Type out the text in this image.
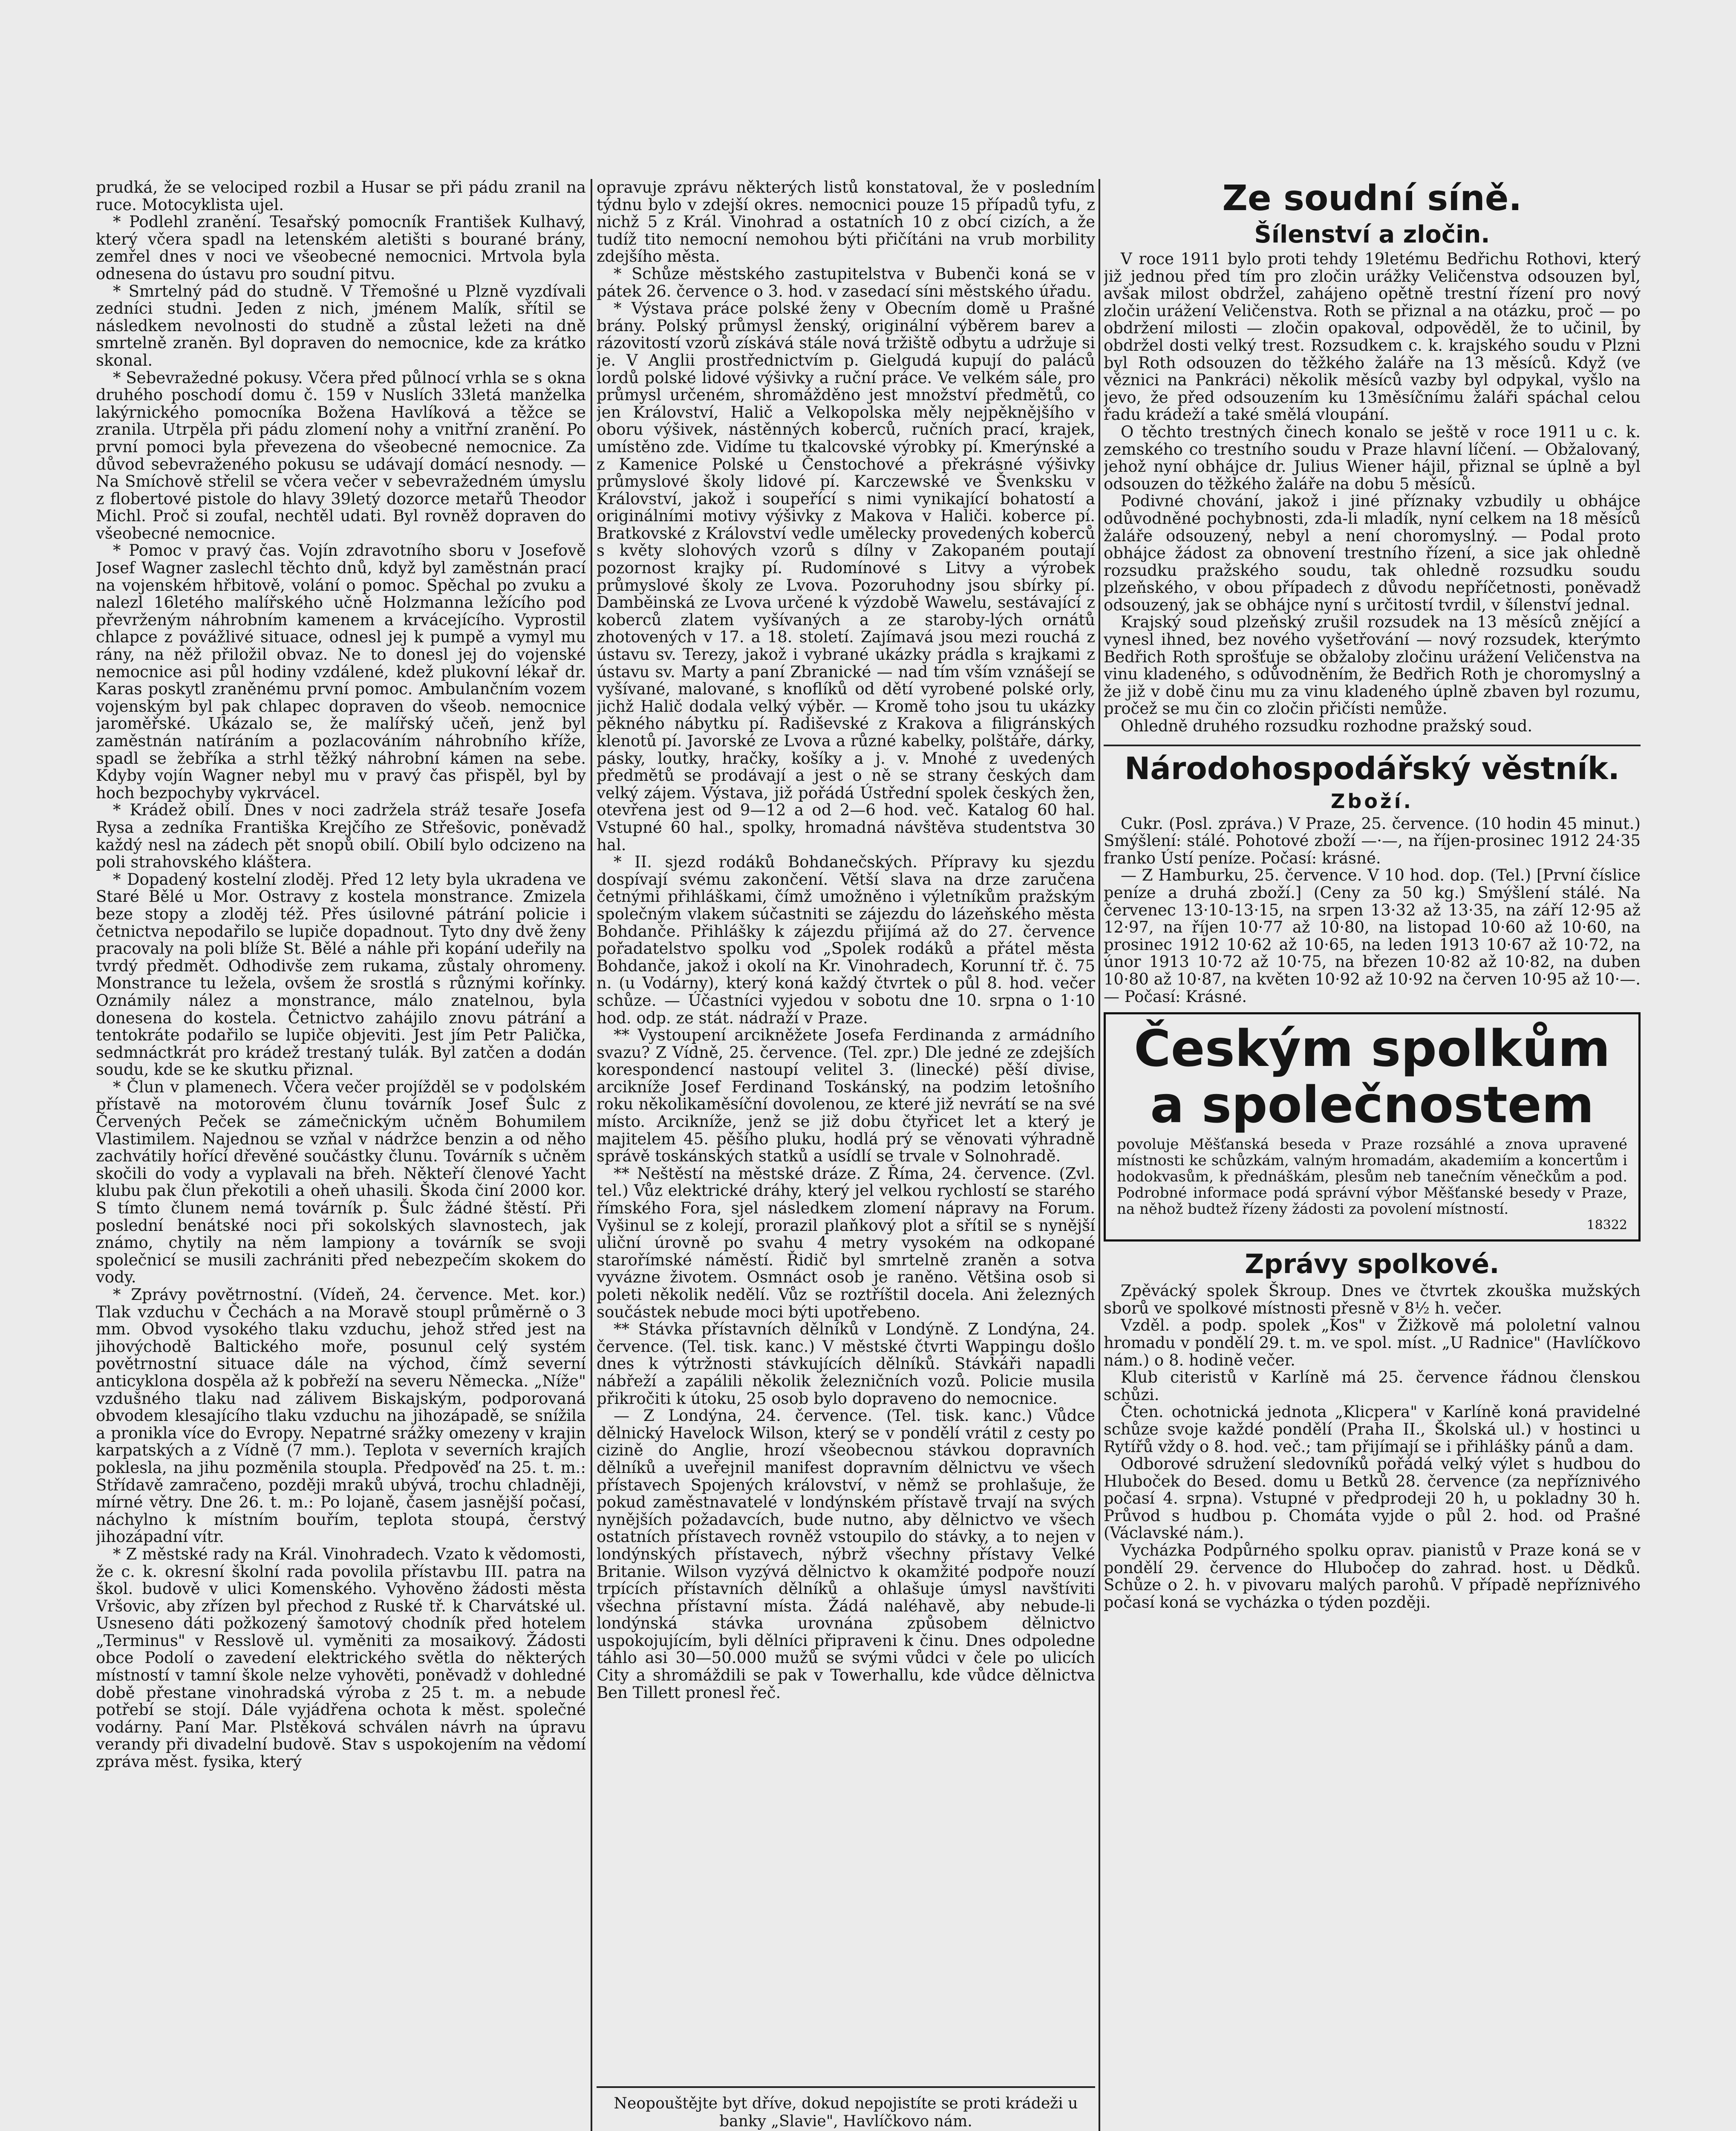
prudká, že se velociped rozbil a Husar se při pádu zranil na ruce. Motocyklista ujel.

* Podlehl zranění. Tesařský pomocník František Kulhavý, který včera spadl na letenském aletišti s bourané brány, zemřel dnes v noci ve všeobecné nemocnici. Mrtvola byla odnesena do ústavu pro soudní pitvu.

* Smrtelný pád do studně. V Třemošné u Plzně vyzdívali zedníci studni. Jeden z nich, jménem Malík, sřítil se následkem nevolnosti do studně a zůstal ležeti na dně smrtelně zraněn. Byl dopraven do nemocnice, kde za krátko skonal.

* Sebevražedné pokusy. Včera před půlnocí vrhla se s okna druhého poschodí domu č. 159 v Nuslích 33letá manželka lakýrnického pomocníka Božena Havlíková a těžce se zranila. Utrpěla při pádu zlomení nohy a vnitřní zranění. Po první pomoci byla převezena do všeobecné nemocnice. Za důvod sebevraženého pokusu se udávají domácí nesnody. — Na Smíchově střelil se včera večer v sebevražedném úmyslu z flobertové pistole do hlavy 39letý dozorce metařů Theodor Michl. Proč si zoufal, nechtěl udati. Byl rovněž dopraven do všeobecné nemocnice.

* Pomoc v pravý čas. Vojín zdravotního sboru v Josefově Josef Wagner zaslechl těchto dnů, když byl zaměstnán prací na vojenském hřbitově, volání o pomoc. Spěchal po zvuku a nalezl 16letého malířského učně Holzmanna ležícího pod převrženým náhrobním kamenem a krvácejícího. Vyprostil chlapce z povážlivé situace, odnesl jej k pumpě a vymyl mu rány, na něž přiložil obvaz. Ne to donesl jej do vojenské nemocnice asi půl hodiny vzdálené, kdež plukovní lékař dr. Karas poskytl zraněnému první pomoc. Ambulančním vozem vojenským byl pak chlapec dopraven do všeob. nemocnice jaroměřské. Ukázalo se, že malířský učeň, jenž byl zaměstnán natíráním a pozlacováním náhrobního kříže, spadl se žebříka a strhl těžký náhrobní kámen na sebe. Kdyby vojín Wagner nebyl mu v pravý čas přispěl, byl by hoch bezpochyby vykrvácel.

* Krádež obilí. Dnes v noci zadržela stráž tesaře Josefa Rysa a zedníka Františka Krejčího ze Střešovic, poněvadž každý nesl na zádech pět snopů obilí. Obilí bylo odcizeno na poli strahovského kláštera.

* Dopadený kostelní zloděj. Před 12 lety byla ukradena ve Staré Bělé u Mor. Ostravy z kostela monstrance. Zmizela beze stopy a zloděj též. Přes úsilovné pátrání policie i četnictva nepodařilo se lupiče dopadnout. Tyto dny dvě ženy pracovaly na poli blíže St. Bělé a náhle při kopání udeřily na tvrdý předmět. Odhodivše zem rukama, zůstaly ohromeny. Monstrance tu ležela, ovšem že srostlá s různými kořínky. Oznámily nález a monstrance, málo znatelnou, byla donesena do kostela. Četnictvo zahájilo znovu pátrání a tentokráte podařilo se lupiče objeviti. Jest jím Petr Palička, sedmnáctkrát pro krádež trestaný tulák. Byl zatčen a dodán soudu, kde se ke skutku přiznal.

* Člun v plamenech. Včera večer projížděl se v podolském přístavě na motorovém člunu továrník Josef Šulc z Červených Peček se zámečnickým učněm Bohumilem Vlastimilem. Najednou se vzňal v nádržce benzin a od něho zachvátily hořící dřevěné součástky člunu. Továrník s učněm skočili do vody a vyplavali na břeh. Někteří členové Yacht klubu pak člun překotili a oheň uhasili. Škoda činí 2000 kor. S tímto člunem nemá továrník p. Šulc žádné štěstí. Při poslední benátské noci při sokolských slavnostech, jak známo, chytily na něm lampiony a továrník se svoji společnicí se musili zachrániti před nebezpečím skokem do vody.

* Zprávy povětrnostní. (Vídeň, 24. července. Met. kor.) Tlak vzduchu v Čechách a na Moravě stoupl průměrně o 3 mm. Obvod vysokého tlaku vzduchu, jehož střed jest na jihovýchodě Baltického moře, posunul celý systém povětrnostní situace dále na východ, čímž severní anticyklona dospěla až k pobřeží na severu Německa. „Níže" vzdušného tlaku nad zálivem Biskajským, podporovaná obvodem klesajícího tlaku vzduchu na jihozápadě, se snížila a pronikla více do Evropy. Nepatrné srážky omezeny v krajin karpatských a z Vídně (7 mm.). Teplota v severních krajích poklesla, na jihu pozměnila stoupla. Předpověď na 25. t. m.: Střídavě zamračeno, později mraků ubývá, trochu chladněji, mírné větry. Dne 26. t. m.: Po lojaně, časem jasnější počasí, náchylno k místním bouřím, teplota stoupá, čerstvý jihozápadní vítr.

* Z městské rady na Král. Vinohradech. Vzato k vědomosti, že c. k. okresní školní rada povolila přístavbu III. patra na škol. budově v ulici Komenského. Vyhověno žádosti města Vršovic, aby zřízen byl přechod z Ruské tř. k Charvátské ul. Usneseno dáti požkozený šamotový chodník před hotelem „Terminus" v Resslově ul. vyměniti za mosaikový. Žádosti obce Podolí o zavedení elektrického světla do některých místností v tamní škole nelze vyhověti, poněvadž v dohledné době přestane vinohradská výroba z 25 t. m. a nebude potřebí se stojí. Dále vyjádřena ochota k měst. společné vodárny. Paní Mar. Plstěková schválen návrh na úpravu verandy při divadelní budově. Stav s uspokojením na vědomí zpráva měst. fysika, který

opravuje zprávu některých listů konstatoval, že v posledním týdnu bylo v zdejší okres. nemocnici pouze 15 případů tyfu, z nichž 5 z Král. Vinohrad a ostatních 10 z obcí cizích, a že tudíž tito nemocní nemohou býti přičítáni na vrub morbility zdejšího města.

* Schůze městského zastupitelstva v Bubenči koná se v pátek 26. července o 3. hod. v zasedací síni městského úřadu.

* Výstava práce polské ženy v Obecním domě u Prašné brány. Polský průmysl ženský, originální výběrem barev a rázovitostí vzorů získává stále nová tržiště odbytu a udržuje si je. V Anglii prostřednictvím p. Gielgudá kupují do paláců lordů polské lidové výšivky a ruční práce. Ve velkém sále, pro průmysl určeném, shromážděno jest množství předmětů, co jen Království, Halič a Velkopolska měly nejpěknějšího v oboru výšivek, nástěnných koberců, ručních prací, krajek, umístěno zde. Vidíme tu tkalcovské výrobky pí. Kmerýnské a z Kamenice Polské u Čenstochové a překrásné výšivky průmyslové školy lidové pí. Karczewské ve Švenksku v Království, jakož i soupeřící s nimi vynikající bohatostí a originálními motivy výšivky z Makova v Haliči. koberce pí. Bratkovské z Království vedle umělecky provedených koberců s květy slohových vzorů s dílny v Zakopaném poutají pozornost krajky pí. Rudomínové s Litvy a výrobek průmyslové školy ze Lvova. Pozoruhodny jsou sbírky pí. Damběinská ze Lvova určené k výzdobě Wawelu, sestávající z koberců zlatem vyšívaných a ze staroby-lých ornátů zhotovených v 17. a 18. století. Zajímavá jsou mezi rouchá z ústavu sv. Terezy, jakož i vybrané ukázky prádla s krajkami z ústavu sv. Marty a paní Zbranické — nad tím vším vznášejí se vyšívané, malované, s knoflíků od dětí vyrobené polské orly, jichž Halič dodala velký výběr. — Kromě toho jsou tu ukázky pěkného nábytku pí. Radiševské z Krakova a filigránských klenotů pí. Javorské ze Lvova a různé kabelky, polštáře, dárky, pásky, loutky, hračky, košíky a j. v. Mnohé z uvedených předmětů se prodávají a jest o ně se strany českých dam velký zájem. Výstava, již pořádá Ústřední spolek českých žen, otevřena jest od 9—12 a od 2—6 hod. več. Katalog 60 hal. Vstupné 60 hal., spolky, hromadná návštěva studentstva 30 hal.

* II. sjezd rodáků Bohdanečských. Přípravy ku sjezdu dospívají svému zakončení. Větší slava na drze zaručena četnými přihláškami, čímž umožněno i výletníkům pražským společným vlakem súčastniti se zájezdu do lázeňského města Bohdanče. Přihlášky k zájezdu přijímá až do 27. července pořadatelstvo spolku vod „Spolek rodáků a přátel města Bohdanče, jakož i okolí na Kr. Vinohradech, Korunní tř. č. 75 n. (u Vodárny), který koná každý čtvrtek o půl 8. hod. večer schůze. — Účastníci vyjedou v sobotu dne 10. srpna o 1·10 hod. odp. ze stát. nádraží v Praze.

** Vystoupení arcikněžete Josefa Ferdinanda z armádního svazu? Z Vídně, 25. července. (Tel. zpr.) Dle jedné ze zdejších korespondencí nastoupí velitel 3. (linecké) pěší divise, arcikníže Josef Ferdinand Toskánský, na podzim letošního roku několikaměsíční dovolenou, ze které již nevrátí se na své místo. Arcikníže, jenž se již dobu čtyřicet let a který je majitelem 45. pěšího pluku, hodlá prý se věnovati výhradně správě toskánských statků a usídlí se trvale v Solnohradě.

** Neštěstí na městské dráze. Z Říma, 24. července. (Zvl. tel.) Vůz elektrické dráhy, který jel velkou rychlostí se starého římského Fora, sjel následkem zlomení nápravy na Forum. Vyšinul se z kolejí, prorazil plaňkový plot a sřítil se s nynější uliční úrovně po svahu 4 metry vysokém na odkopané starořímské náměstí. Řidič byl smrtelně zraněn a sotva vyvázne životem. Osmnáct osob je raněno. Většina osob si poleti několik nedělí. Vůz se roztříštil docela. Ani železných součástek nebude moci býti upotřebeno.

** Stávka přístavních dělníků v Londýně. Z Londýna, 24. července. (Tel. tisk. kanc.) V městské čtvrti Wappingu došlo dnes k výtržnosti stávkujících dělníků. Stávkáři napadli nábřeží a zapálili několik železničních vozů. Policie musila přikročiti k útoku, 25 osob bylo dopraveno do nemocnice.

— Z Londýna, 24. července. (Tel. tisk. kanc.) Vůdce dělnický Havelock Wilson, který se v pondělí vrátil z cesty po cizině do Anglie, hrozí všeobecnou stávkou dopravních dělníků a uveřejnil manifest dopravním dělnictvu ve všech přístavech Spojených království, v němž se prohlašuje, že pokud zaměstnavatelé v londýnském přístavě trvají na svých nynějších požadavcích, bude nutno, aby dělnictvo ve všech ostatních přístavech rovněž vstoupilo do stávky, a to nejen v londýnských přístavech, nýbrž všechny přístavy Velké Britanie. Wilson vyzývá dělnictvo k okamžité podpoře nouzí trpících přístavních dělníků a ohlašuje úmysl navštíviti všechna přístavní místa. Žádá naléhavě, aby nebude-li londýnská stávka urovnána způsobem dělnictvo uspokojujícím, byli dělníci připraveni k činu. Dnes odpoledne táhlo asi 30—50.000 mužů se svými vůdci v čele po ulicích City a shromáždili se pak v Towerhallu, kde vůdce dělnictva Ben Tillett pronesl řeč.

Neopouštějte byt dříve, dokud nepojistíte se proti krádeži u banky „Slavie", Havlíčkovo nám.
Ze soudní síně.
Šílenství a zločin.

V roce 1911 bylo proti tehdy 19letému Bedřichu Rothovi, který již jednou před tím pro zločin urážky Veličenstva odsouzen byl, avšak milost obdržel, zahájeno opětně trestní řízení pro nový zločin urážení Veličenstva. Roth se přiznal a na otázku, proč — po obdržení milosti — zločin opakoval, odpověděl, že to učinil, by obdržel dosti velký trest. Rozsudkem c. k. krajského soudu v Plzni byl Roth odsouzen do těžkého žaláře na 13 měsíců. Když (ve věznici na Pankráci) několik měsíců vazby byl odpykal, vyšlo na jevo, že před odsouzením ku 13měsíčnímu žaláři spáchal celou řadu krádeží a také smělá vloupání.

O těchto trestných činech konalo se ještě v roce 1911 u c. k. zemského co trestního soudu v Praze hlavní líčení. — Obžalovaný, jehož nyní obhájce dr. Julius Wiener hájil, přiznal se úplně a byl odsouzen do těžkého žaláře na dobu 5 měsíců.

Podivné chování, jakož i jiné příznaky vzbudily u obhájce odůvodněné pochybnosti, zda-li mladík, nyní celkem na 18 měsíců žaláře odsouzený, nebyl a není choromyslný. — Podal proto obhájce žádost za obnovení trestního řízení, a sice jak ohledně rozsudku pražského soudu, tak ohledně rozsudku soudu plzeňského, v obou případech z důvodu nepříčetnosti, poněvadž odsouzený, jak se obhájce nyní s určitostí tvrdil, v šílenství jednal.

Krajský soud plzeňský zrušil rozsudek na 13 měsíců znějící a vynesl ihned, bez nového vyšetřování — nový rozsudek, kterýmto Bedřich Roth sprošťuje se obžaloby zločinu urážení Veličenstva na vinu kladeného, s odůvodněním, že Bedřich Roth je choromyslný a že již v době činu mu za vinu kladeného úplně zbaven byl rozumu, pročež se mu čin co zločin přičísti nemůže.

Ohledně druhého rozsudku rozhodne pražský soud.

Národohospodářský věstník.
Zboží.

Cukr. (Posl. zpráva.) V Praze, 25. července. (10 hodin 45 minut.) Smýšlení: stálé. Pohotové zboží —·—, na říjen-prosinec 1912 24·35 franko Ústí peníze. Počasí: krásné.

— Z Hamburku, 25. července. V 10 hod. dop. (Tel.) [První číslice peníze a druhá zboží.] (Ceny za 50 kg.) Smýšlení stálé. Na červenec 13·10-13·15, na srpen 13·32 až 13·35, na září 12·95 až 12·97, na říjen 10·77 až 10·80, na listopad 10·60 až 10·60, na prosinec 1912 10·62 až 10·65, na leden 1913 10·67 až 10·72, na únor 1913 10·72 až 10·75, na březen 10·82 až 10·82, na duben 10·80 až 10·87, na květen 10·92 až 10·92 na červen 10·95 až 10·—. — Počasí: Krásné.

Českým spolkům

a společnostem

povoluje Měšťanská beseda v Praze rozsáhlé a znova upravené místnosti ke schůzkám, valným hromadám, akademiím a koncertům i hodokvasům, k přednáškám, plesům neb tanečním věnečkům a pod. Podrobné informace podá správní výbor Měšťanské besedy v Praze, na něhož budtež řízeny žádosti za povolení místností.

18322

Zprávy spolkové.

Zpěvácký spolek Škroup. Dnes ve čtvrtek zkouška mužských sborů ve spolkové místnosti přesně v 8½ h. večer.

Vzděl. a podp. spolek „Kos" v Žižkově má pololetní valnou hromadu v pondělí 29. t. m. ve spol. míst. „U Radnice" (Havlíčkovo nám.) o 8. hodině večer.

Klub citeristů v Karlíně má 25. července řádnou členskou schůzi.

Čten. ochotnická jednota „Klicpera" v Karlíně koná pravidelné schůze svoje každé pondělí (Praha II., Školská ul.) v hostinci u Rytířů vždy o 8. hod. več.; tam přijímají se i přihlášky pánů a dam.

Odborové sdružení sledovníků pořádá velký výlet s hudbou do Hluboček do Besed. domu u Betků 28. července (za nepříznivého počasí 4. srpna). Vstupné v předprodeji 20 h, u pokladny 30 h. Průvod s hudbou p. Chomáta vyjde o půl 2. hod. od Prašné (Václavské nám.).

Vycházka Podpůrného spolku oprav. pianistů v Praze koná se v pondělí 29. července do Hlubočep do zahrad. host. u Dědků. Schůze o 2. h. v pivovaru malých parohů. V případě nepříznivého počasí koná se vycházka o týden později.
